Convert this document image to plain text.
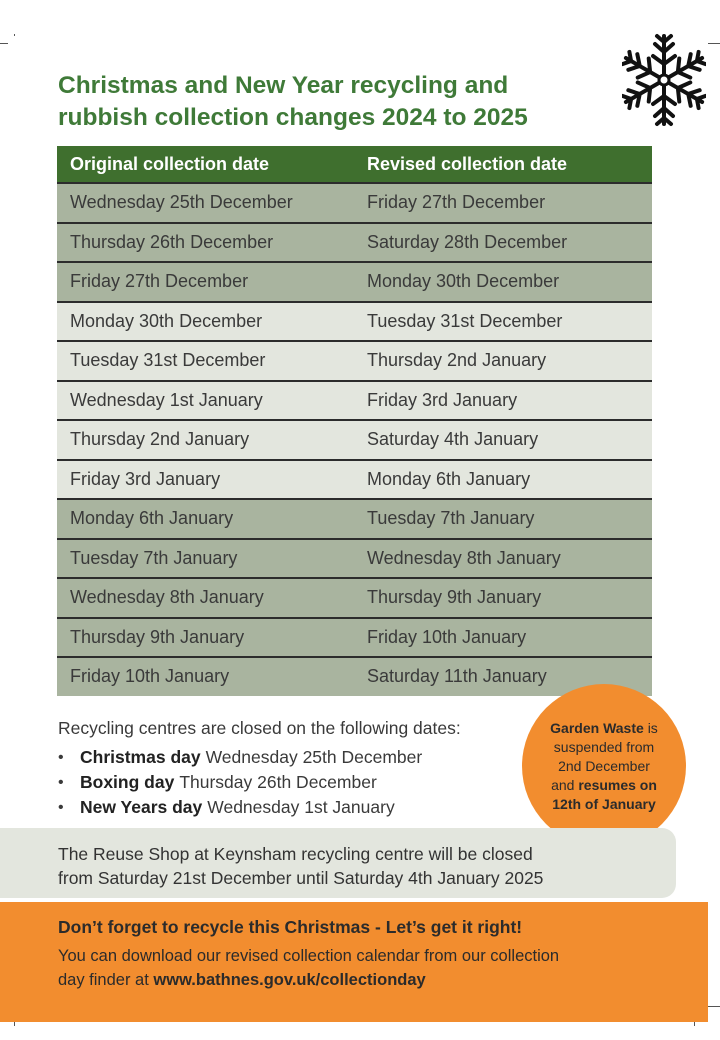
Christmas and New Year recycling and rubbish collection changes 2024 to 2025
Original collection date	Revised collection date
Wednesday 25th December	Friday 27th December
Thursday 26th December	Saturday 28th December
Friday 27th December	Monday 30th December
Monday 30th December	Tuesday 31st December
Tuesday 31st December	Thursday 2nd January
Wednesday 1st January	Friday 3rd January
Thursday 2nd January	Saturday 4th January
Friday 3rd January	Monday 6th January
Monday 6th January	Tuesday 7th January
Tuesday 7th January	Wednesday 8th January
Wednesday 8th January	Thursday 9th January
Thursday 9th January	Friday 10th January
Friday 10th January	Saturday 11th January
Recycling centres are closed on the following dates:
• Christmas day Wednesday 25th December
• Boxing day Thursday 26th December
• New Years day Wednesday 1st January
Garden Waste is
suspended from
2nd December
and resumes on
12th of January
The Reuse Shop at Keynsham recycling centre will be closed
from Saturday 21st December until Saturday 4th January 2025
Don’t forget to recycle this Christmas - Let’s get it right!
You can download our revised collection calendar from our collection
day finder at www.bathnes.gov.uk/collectionday
